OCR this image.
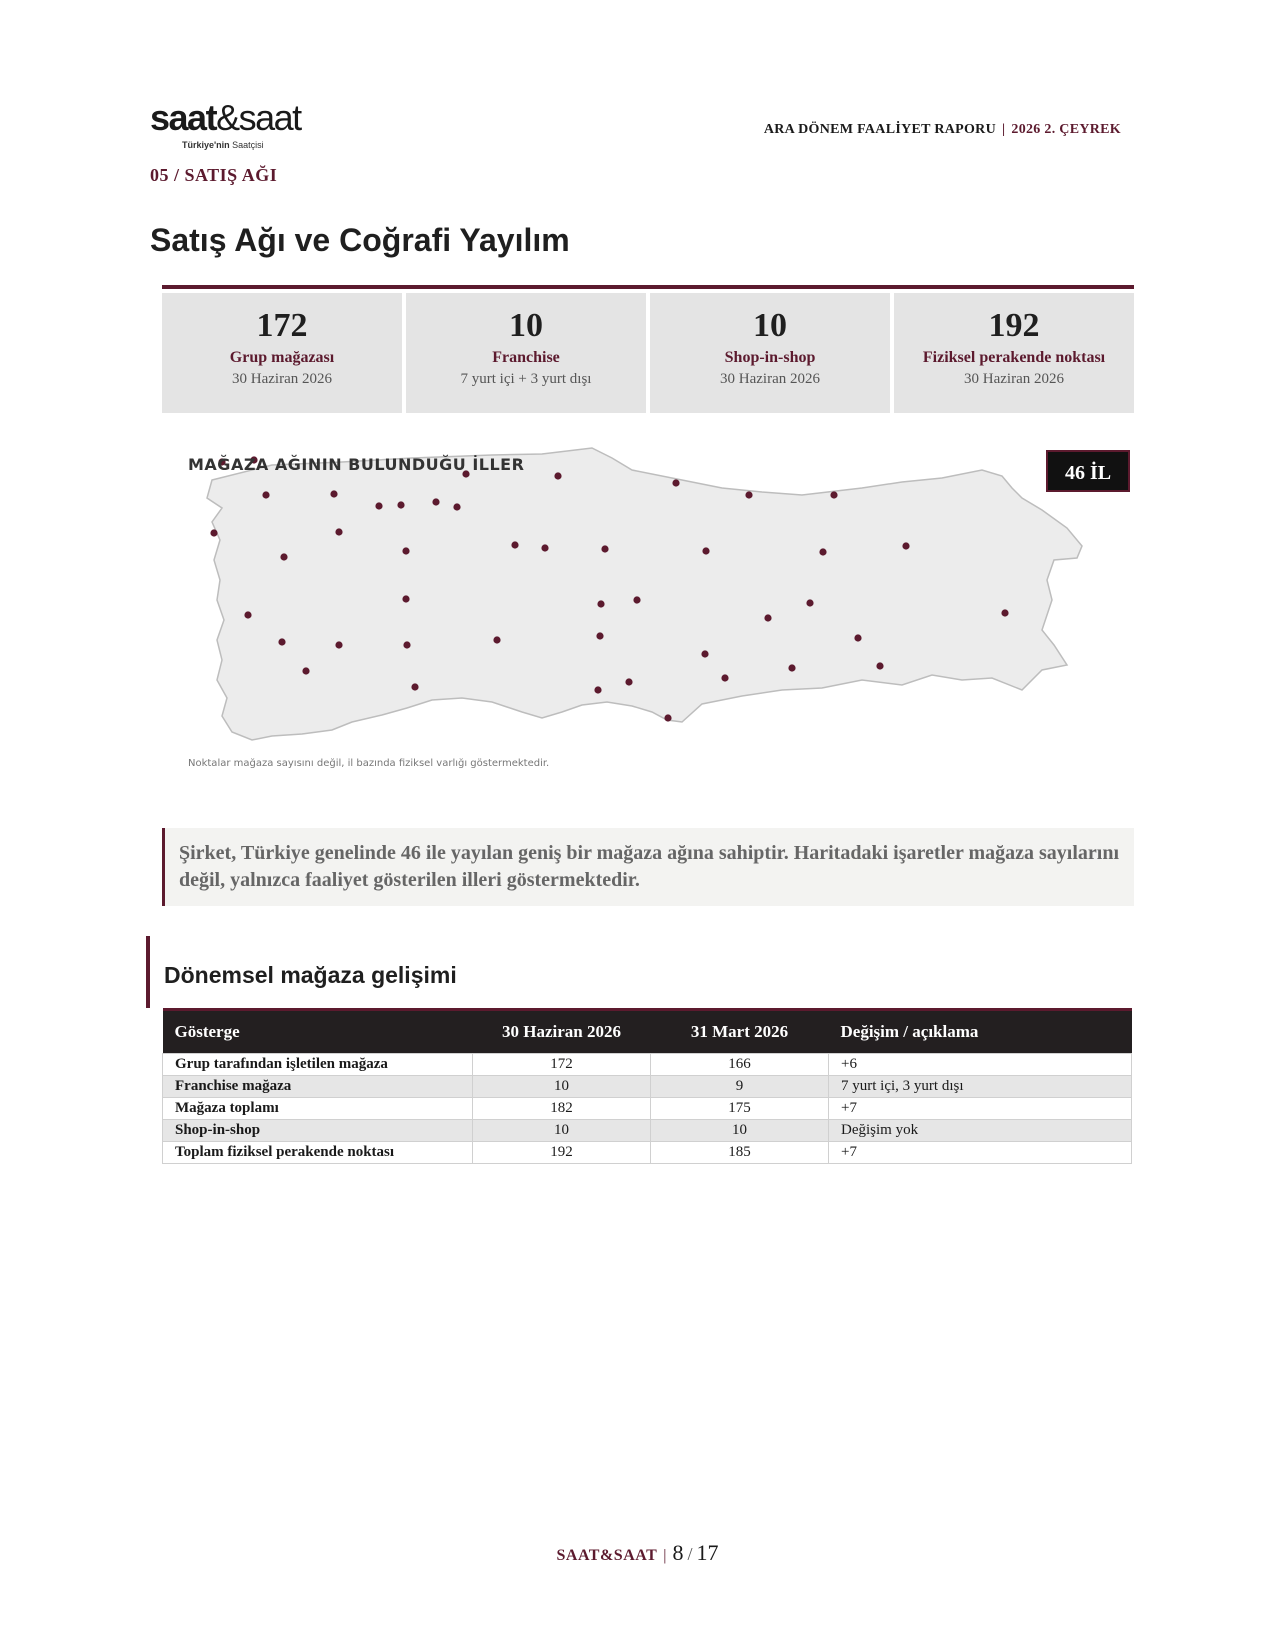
saat&saat
Türkiye'nin Saatçisi
05 / SATIŞ AĞI
ARA DÖNEM FAALİYET RAPORU | 2026 2. ÇEYREK
Satış Ağı ve Coğrafi Yayılım
172
Grup mağazası
30 Haziran 2026
10
Franchise
7 yurt içi + 3 yurt dışı
10
Shop-in-shop
30 Haziran 2026
192
Fiziksel perakende noktası
30 Haziran 2026
MAĞAZA AĞININ BULUNDUĞU İLLER	46 İL
Noktalar mağaza sayısını değil, il bazında fiziksel varlığı göstermektedir.
Şirket, Türkiye genelinde 46 ile yayılan geniş bir mağaza ağına sahiptir. Haritadaki işaretler mağaza sayılarını değil, yalnızca faaliyet gösterilen illeri göstermektedir.
Dönemsel mağaza gelişimi
Gösterge	30 Haziran 2026	31 Mart 2026	Değişim / açıklama
Grup tarafından işletilen mağaza	172	166	+6
Franchise mağaza	10	9	7 yurt içi, 3 yurt dışı
Mağaza toplamı	182	175	+7
Shop-in-shop	10	10	Değişim yok
Toplam fiziksel perakende noktası	192	185	+7
SAAT&SAAT | 8 / 17
